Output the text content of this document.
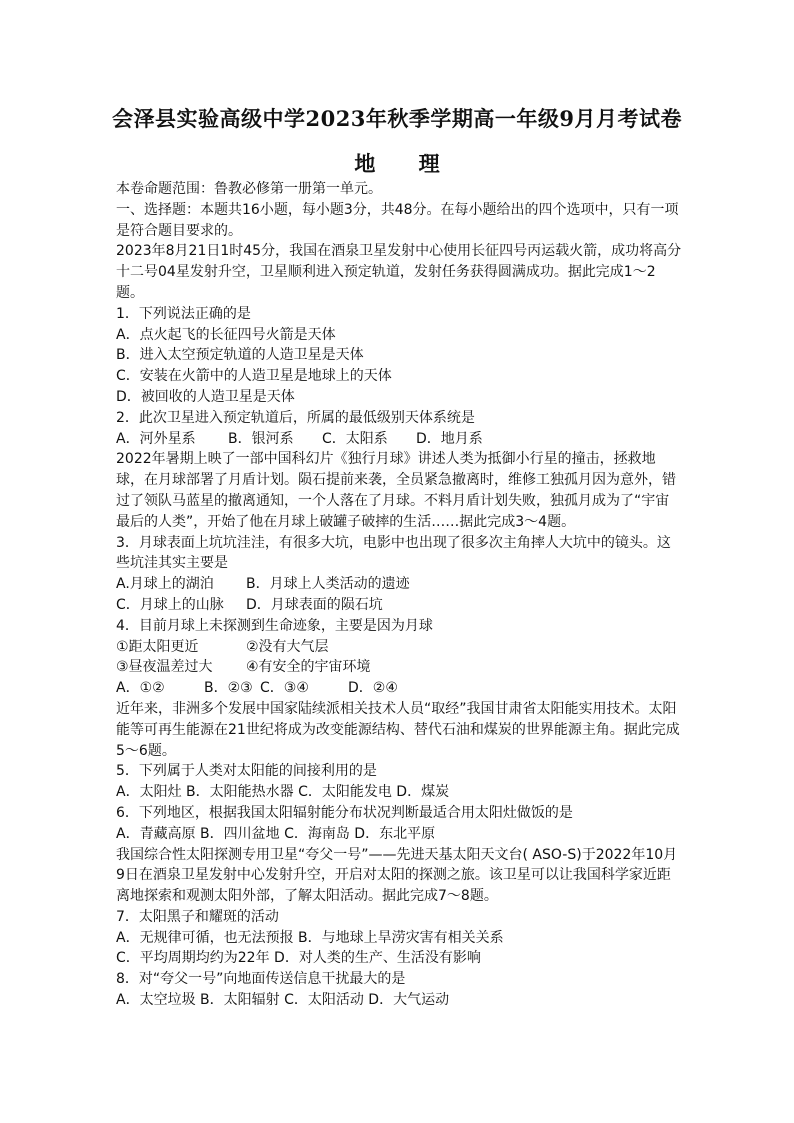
会泽县实验高级中学2023年秋季学期高一年级9月月考试卷
地 理

本卷命题范围：鲁教必修第一册第一单元。

一、选择题：本题共16小题，每小题3分，共48分。在每小题给出的四个选项中，只有一项是符合题目要求的。

2023年8月21日1时45分，我国在酒泉卫星发射中心使用长征四号丙运载火箭，成功将高分十二号04星发射升空，卫星顺利进入预定轨道，发射任务获得圆满成功。据此完成1～2题。

1．下列说法正确的是

A．点火起飞的长征四号火箭是天体

B．进入太空预定轨道的人造卫星是天体

C．安装在火箭中的人造卫星是地球上的天体

D．被回收的人造卫星是天体

2．此次卫星进入预定轨道后，所属的最低级别天体系统是

A．河外星系	B．银河系	C．太阳系	D．地月系

2022年暑期上映了一部中国科幻片《独行月球》讲述人类为抵御小行星的撞击，拯救地球，在月球部署了月盾计划。陨石提前来袭，全员紧急撤离时，维修工独孤月因为意外，错过了领队马蓝星的撤离通知，一个人落在了月球。不料月盾计划失败，独孤月成为了“宇宙最后的人类”，开始了他在月球上破罐子破摔的生活……据此完成3～4题。

3．月球表面上坑坑洼洼，有很多大坑，电影中也出现了很多次主角摔人大坑中的镜头。这些坑洼其实主要是

A.月球上的湖泊	B．月球上人类活动的遗迹
C．月球上的山脉	D．月球表面的陨石坑

4．目前月球上未探测到生命迹象，主要是因为月球

①距太阳更近	②没有大气层
③昼夜温差过大	④有安全的宇宙环境
A．①②	B．②③ C．③④	D．②④

近年来，非洲多个发展中国家陆续派相关技术人员“取经”我国甘肃省太阳能实用技术。太阳能等可再生能源在21世纪将成为改变能源结构、替代石油和煤炭的世界能源主角。据此完成5～6题。

5．下列属于人类对太阳能的间接利用的是

A．太阳灶 B．太阳能热水器 C．太阳能发电 D．煤炭

6．下列地区，根据我国太阳辐射能分布状况判断最适合用太阳灶做饭的是

A．青藏高原 B．四川盆地 C．海南岛 D．东北平原

我国综合性太阳探测专用卫星“夸父一号”——先进天基太阳天文台( ASO-S)于2022年10月9日在酒泉卫星发射中心发射升空，开启对太阳的探测之旅。该卫星可以让我国科学家近距离地探索和观测太阳外部，了解太阳活动。据此完成7～8题。

7．太阳黑子和耀斑的活动

A．无规律可循，也无法预报 B．与地球上旱涝灾害有相关关系

C．平均周期均约为22年 D．对人类的生产、生活没有影响

8．对“夸父一号”向地面传送信息干扰最大的是

A．太空垃圾 B．太阳辐射 C．太阳活动 D．大气运动
